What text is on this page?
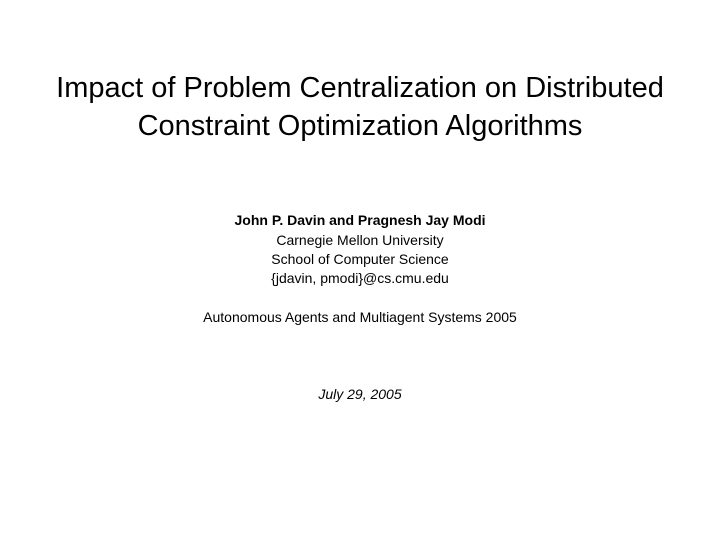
Impact of Problem Centralization on Distributed
Constraint Optimization Algorithms

John P. Davin and Pragnesh Jay Modi

Carnegie Mellon University

School of Computer Science

{jdavin, pmodi}@cs.cmu.edu

Autonomous Agents and Multiagent Systems 2005

July 29, 2005
